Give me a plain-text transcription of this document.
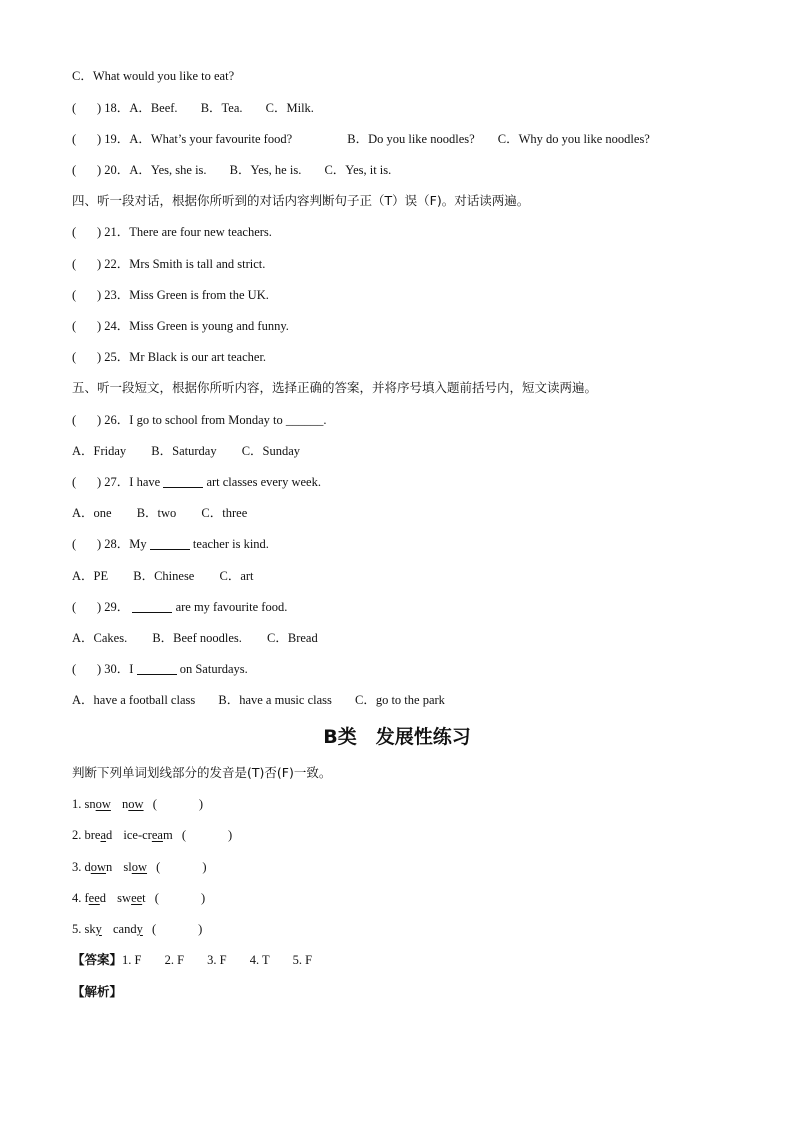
C．What would you like to eat?
( ) 18．A．Beef. B．Tea. C．Milk.
( ) 19．A．What’s your favourite food?	B．Do you like noodles? C．Why do you like noodles?
( ) 20．A．Yes, she is. B．Yes, he is. C．Yes, it is.
四、听一段对话，根据你所听到的对话内容判断句子正（T）误（F)。对话读两遍。
( ) 21．There are four new teachers.
( ) 22．Mrs Smith is tall and strict.
( ) 23．Miss Green is from the UK.
( ) 24．Miss Green is young and funny.
( ) 25．Mr Black is our art teacher.
五、听一段短文，根据你所听内容，选择正确的答案，并将序号填入题前括号内，短文读两遍。
( ) 26．I go to school from Monday to ______.
A．Friday B．Saturday C．Sunday
( ) 27．I have	art classes every week.
A．one B．two C．three
( ) 28．My	teacher is kind.
A．PE B．Chinese C．art
( ) 29．	are my favourite food.
A．Cakes. B．Beef noodles. C．Bread
( ) 30．I	on Saturdays.
A．have a football class B．have a music class C．go to the park
B类　发展性练习
判断下列单词划线部分的发音是(T)否(F)一致。
1. snow now (	)
2. bread ice-cream (	)
3. down slow (	)
4. feed sweet (	)
5. sky candy (	)
【答案】1. F 2. F 3. F 4. T 5. F
【解析】
